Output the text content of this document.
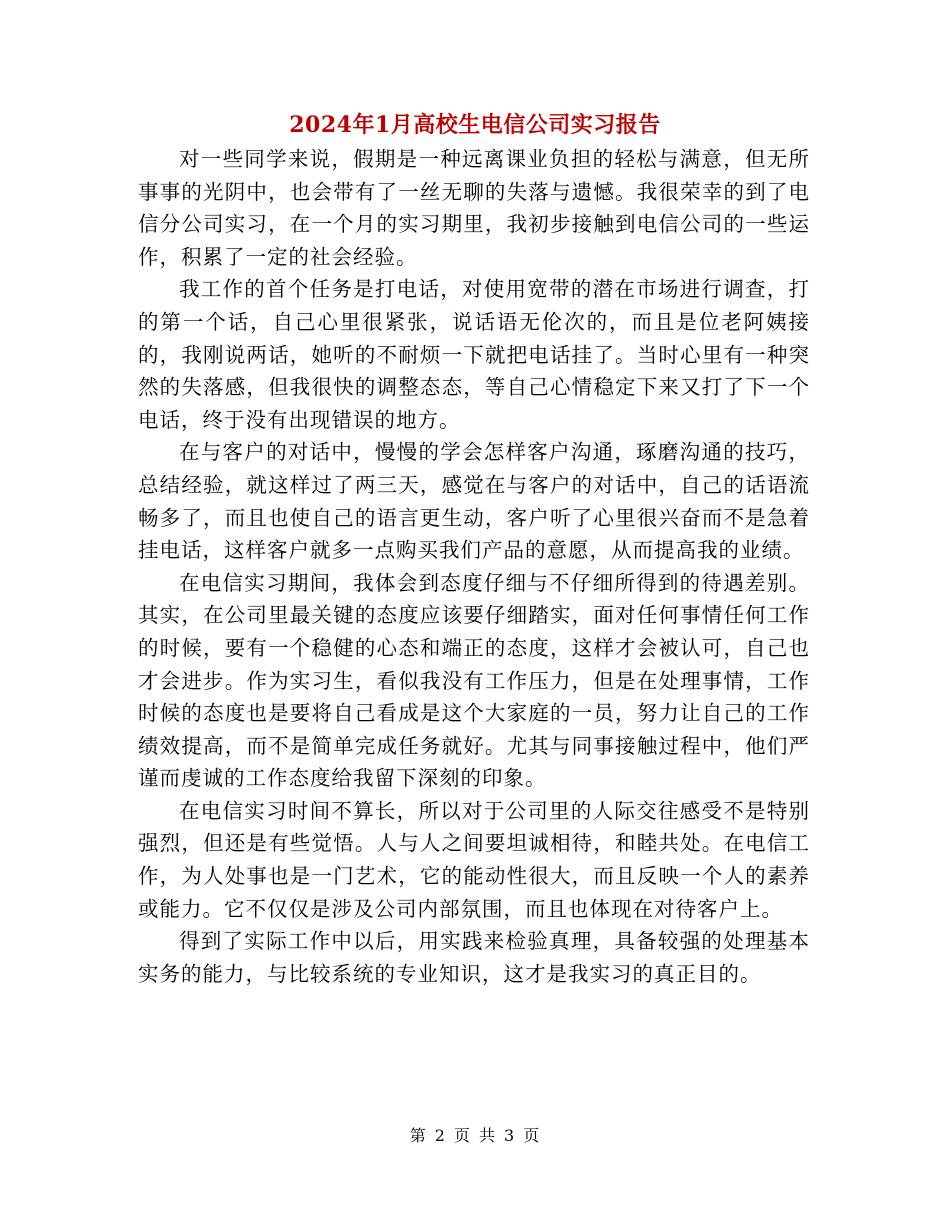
2024年1月高校生电信公司实习报告

对一些同学来说，假期是一种远离课业负担的轻松与满意，但无所事事的光阴中，也会带有了一丝无聊的失落与遗憾。我很荣幸的到了电信分公司实习，在一个月的实习期里，我初步接触到电信公司的一些运作，积累了一定的社会经验。

我工作的首个任务是打电话，对使用宽带的潜在市场进行调查，打的第一个话，自己心里很紧张，说话语无伦次的，而且是位老阿姨接的，我刚说两话，她听的不耐烦一下就把电话挂了。当时心里有一种突然的失落感，但我很快的调整态态，等自己心情稳定下来又打了下一个电话，终于没有出现错误的地方。

在与客户的对话中，慢慢的学会怎样客户沟通，琢磨沟通的技巧，总结经验，就这样过了两三天，感觉在与客户的对话中，自己的话语流畅多了，而且也使自己的语言更生动，客户听了心里很兴奋而不是急着挂电话，这样客户就多一点购买我们产品的意愿，从而提高我的业绩。

在电信实习期间，我体会到态度仔细与不仔细所得到的待遇差别。其实，在公司里最关键的态度应该要仔细踏实，面对任何事情任何工作的时候，要有一个稳健的心态和端正的态度，这样才会被认可，自己也才会进步。作为实习生，看似我没有工作压力，但是在处理事情，工作时候的态度也是要将自己看成是这个大家庭的一员，努力让自己的工作绩效提高，而不是简单完成任务就好。尤其与同事接触过程中，他们严谨而虔诚的工作态度给我留下深刻的印象。

在电信实习时间不算长，所以对于公司里的人际交往感受不是特别强烈，但还是有些觉悟。人与人之间要坦诚相待，和睦共处。在电信工作，为人处事也是一门艺术，它的能动性很大，而且反映一个人的素养或能力。它不仅仅是涉及公司内部氛围，而且也体现在对待客户上。

得到了实际工作中以后，用实践来检验真理，具备较强的处理基本实务的能力，与比较系统的专业知识，这才是我实习的真正目的。

第 2 页 共 3 页
